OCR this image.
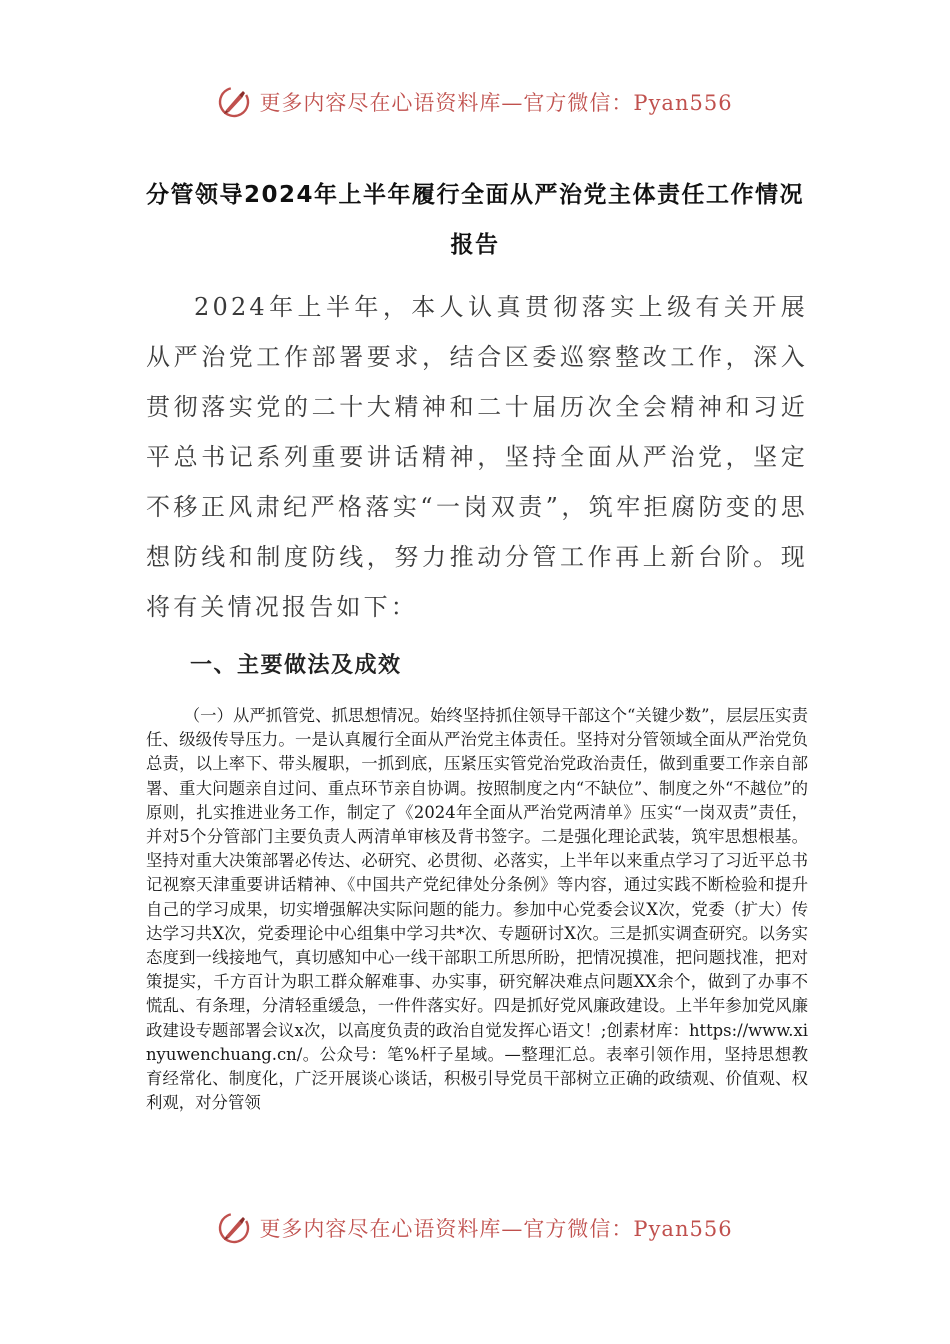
更多内容尽在心语资料库—官方微信：Pyan556
分管领导2024年上半年履行全面从严治党主体责任工作情况报告

2024年上半年，本人认真贯彻落实上级有关开展从严治党工作部署要求，结合区委巡察整改工作，深入贯彻落实党的二十大精神和二十届历次全会精神和习近平总书记系列重要讲话精神，坚持全面从严治党，坚定不移正风肃纪严格落实“一岗双责”，筑牢拒腐防变的思想防线和制度防线，努力推动分管工作再上新台阶。现将有关情况报告如下：

一、主要做法及成效

（一）从严抓管党、抓思想情况。始终坚持抓住领导干部这个“关键少数”，层层压实责任、级级传导压力。一是认真履行全面从严治党主体责任。坚持对分管领域全面从严治党负总责，以上率下、带头履职，一抓到底，压紧压实管党治党政治责任，做到重要工作亲自部署、重大问题亲自过问、重点环节亲自协调。按照制度之内“不缺位”、制度之外“不越位”的原则，扎实推进业务工作，制定了《2024年全面从严治党两清单》压实“一岗双责”责任，并对5个分管部门主要负责人两清单审核及背书签字。二是强化理论武装，筑牢思想根基。坚持对重大决策部署必传达、必研究、必贯彻、必落实，上半年以来重点学习了习近平总书记视察天津重要讲话精神、《中国共产党纪律处分条例》等内容，通过实践不断检验和提升自己的学习成果，切实增强解决实际问题的能力。参加中心党委会议X次，党委（扩大）传达学习共X次，党委理论中心组集中学习共*次、专题研讨X次。三是抓实调查研究。以务实态度到一线接地气，真切感知中心一线干部职工所思所盼，把情况摸准，把问题找准，把对策提实，千方百计为职工群众解难事、办实事，研究解决难点问题XX余个，做到了办事不慌乱、有条理，分清轻重缓急，一件件落实好。四是抓好党风廉政建设。上半年参加党风廉政建设专题部署会议x次，以高度负责的政治自觉发挥心语文！;创素材库：https://www.xinyuwenchuang.cn/。公众号：笔%杆子星域。—整理汇总。表率引领作用，坚持思想教育经常化、制度化，广泛开展谈心谈话，积极引导党员干部树立正确的政绩观、价值观、权利观，对分管领

更多内容尽在心语资料库—官方微信：Pyan556
